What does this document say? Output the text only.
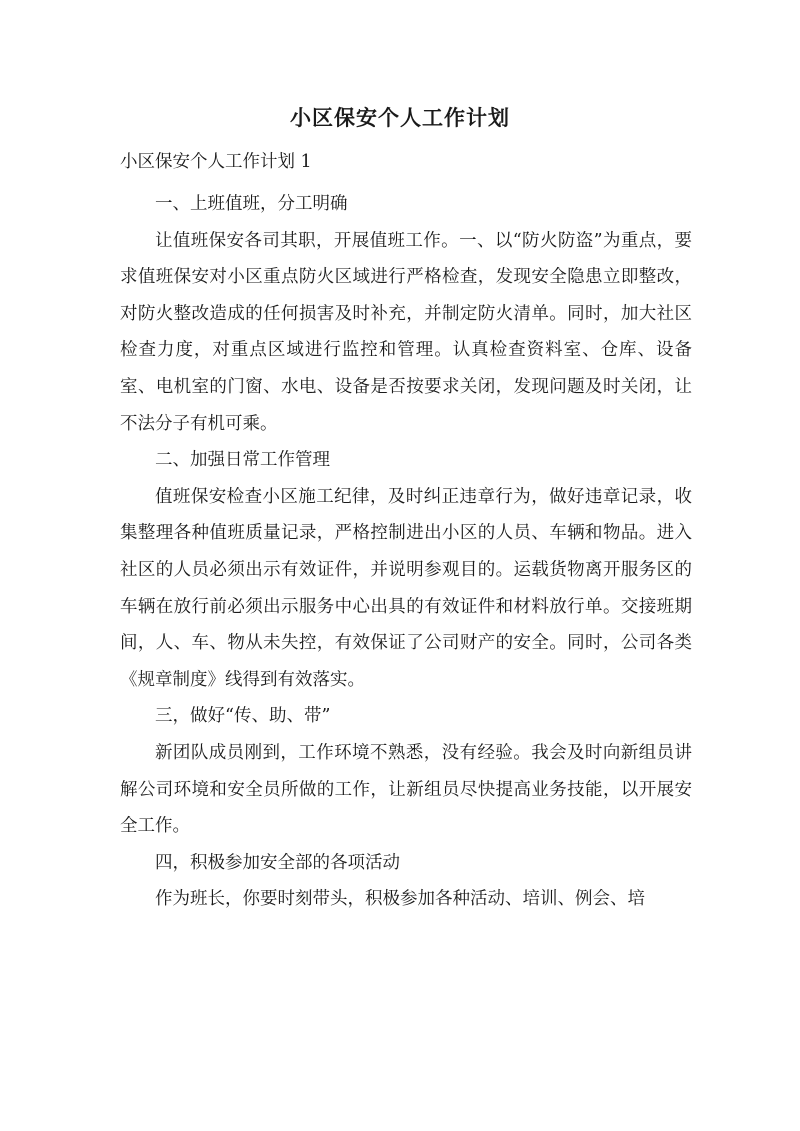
小区保安个人工作计划
小区保安个人工作计划 1

一、上班值班，分工明确

让值班保安各司其职，开展值班工作。一、以“防火防盗”为重点，要求值班保安对小区重点防火区域进行严格检查，发现安全隐患立即整改，对防火整改造成的任何损害及时补充，并制定防火清单。同时，加大社区检查力度，对重点区域进行监控和管理。认真检查资料室、仓库、设备室、电机室的门窗、水电、设备是否按要求关闭，发现问题及时关闭，让不法分子有机可乘。

二、加强日常工作管理

值班保安检查小区施工纪律，及时纠正违章行为，做好违章记录，收集整理各种值班质量记录，严格控制进出小区的人员、车辆和物品。进入社区的人员必须出示有效证件，并说明参观目的。运载货物离开服务区的车辆在放行前必须出示服务中心出具的有效证件和材料放行单。交接班期间，人、车、物从未失控，有效保证了公司财产的安全。同时，公司各类《规章制度》线得到有效落实。

三，做好“传、助、带”

新团队成员刚到，工作环境不熟悉，没有经验。我会及时向新组员讲解公司环境和安全员所做的工作，让新组员尽快提高业务技能，以开展安全工作。

四，积极参加安全部的各项活动

作为班长，你要时刻带头，积极参加各种活动、培训、例会、培
